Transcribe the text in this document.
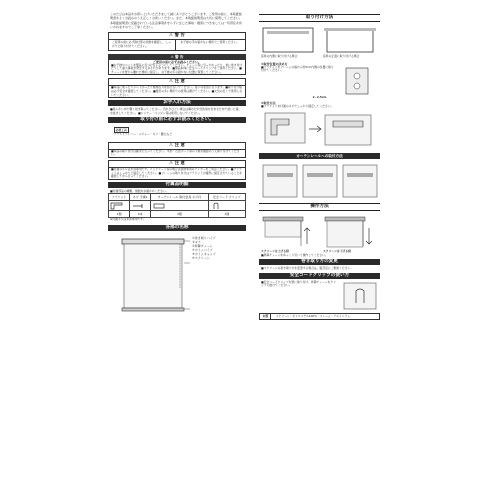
このたびは本品をお買い上げいただきまして誠にありがとうございます。ご使用の前に、本取扱説明書をよくお読みのうえ正しくお使いください。また、本取扱説明書は大切に保管してください。
本取扱説明書に記載されている注意事項を守らずに生じた事故・損害につきましては一切責任を負いかねますのでご了承ください。
⚠ 警 告
ご使用の前に必ず取付部の状態を確認し、しっかりと取り付けてください。
お子様の手の届かない場所でご使用ください。
⚠ 警 告
ご使用の前に必ずお読みください。
■お子様やペットを製品に近づけないようにしてください。チェーン等に引っかかったり、首に巻き付けたりして重大事故が発生するおそれがあります。■製品本体に安全コードクリップをご使用ください。■チェーンを壁から離れた場所に固定し、お子様の手の届かない位置に保管してください。
⚠ 注 意
■本品に乗ったりぶら下がったり無理な力を加えないでください。落下の原因になります。■取り付け後は必ず安全を確認してください。■湿気の多い場所での使用は避けてください。■火気の近くで使用しないでください。
お手入れ方法
■柔らかい布で軽く拭き取ってください。汚れがひどい場合は薄めた中性洗剤を含ませた布で拭いた後、水拭きしてください。■シンナー・ベンジン等は使用しないでください。
取り付け前に必ずお読みください。

必要工具
プラスドライバー・メジャー・キリ・脚立など

⚠ 注 意
■本品の取り付けは確実に行ってください。木部・石膏ボード等の下地を確認のうえ取り付けてください。
⚠ 注 意
■付属のネジは木部専用です。コンクリート等の場合は別途専用のアンカーをご用意ください。■ブラケットはしっかりと固定してください。■フレームの取り付けはブラケットが確実に固定されていることを確認してから行ってください。
付属品明細
■付属部品の種類、個数をお確かめください。
ブラケット	ネジ 予備1	カーテンレール 取付金具 ネジ付	安全コード クリップ

2個	4本	3個	1個
※付属ネジは木部専用です。
各部の名称
①巻き取りパイプ
②ギア
③昇降チェーン
④ボトムパイプ
⑤ボトムキャップ
⑥スクリーン
取り付け方法
窓枠の内側に取り付ける場合	窓枠の正面に取り付ける場合
①取付位置の決め方
■ブラケットをフレームの端から約5cm内側の位置に取り付けてください。
2~2.5cm
②取付方法
■ブラケットを付属のネジでしっかり固定してください。
カーテンレールへの取付方法
操作方法
スクリーンを上げる時	スクリーンを下げる時
■昇降チェーンをゆっくり引いて操作してください。
巻き取り方の変更
■スクリーンの巻き取り方を変更する場合は、販売店にご相談ください。
安全コードクリップの使い方
■安全コードクリップを壁に取り付け、昇降チェーンをクリップに掛けてください。
材質	スクリーン：ポリエステル100%　フレーム：アルミニウム
